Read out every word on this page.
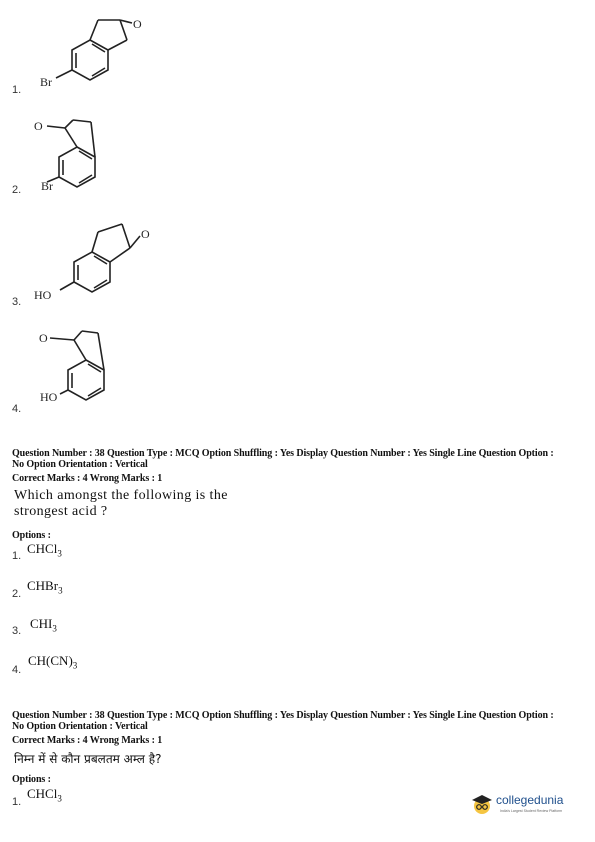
1.
O
Br
2.
O
Br
3.
O
HO
4.
O
HO
Question Number : 38 Question Type : MCQ Option Shuffling : Yes Display Question Number : Yes Single Line Question Option :
No Option Orientation : Vertical
Correct Marks : 4 Wrong Marks : 1
Which amongst the following is the
strongest acid ?
Options :
1. CHCl$_3$
2.
CHBr$_3$
3. $CHI_3$
4.
$CH(CN)_3$
Question Number : 38 Question Type : MCQ Option Shuffling : Yes Display Question Number : Yes Single Line Question Option :
No Option Orientation : Vertical
Correct Marks : 4 Wrong Marks : 1
निम्न में से कौन प्रबलतम अम्ल है?
Options :
1.
CHCl$_3$	collegedunia
India's Largest Student Review Platform
